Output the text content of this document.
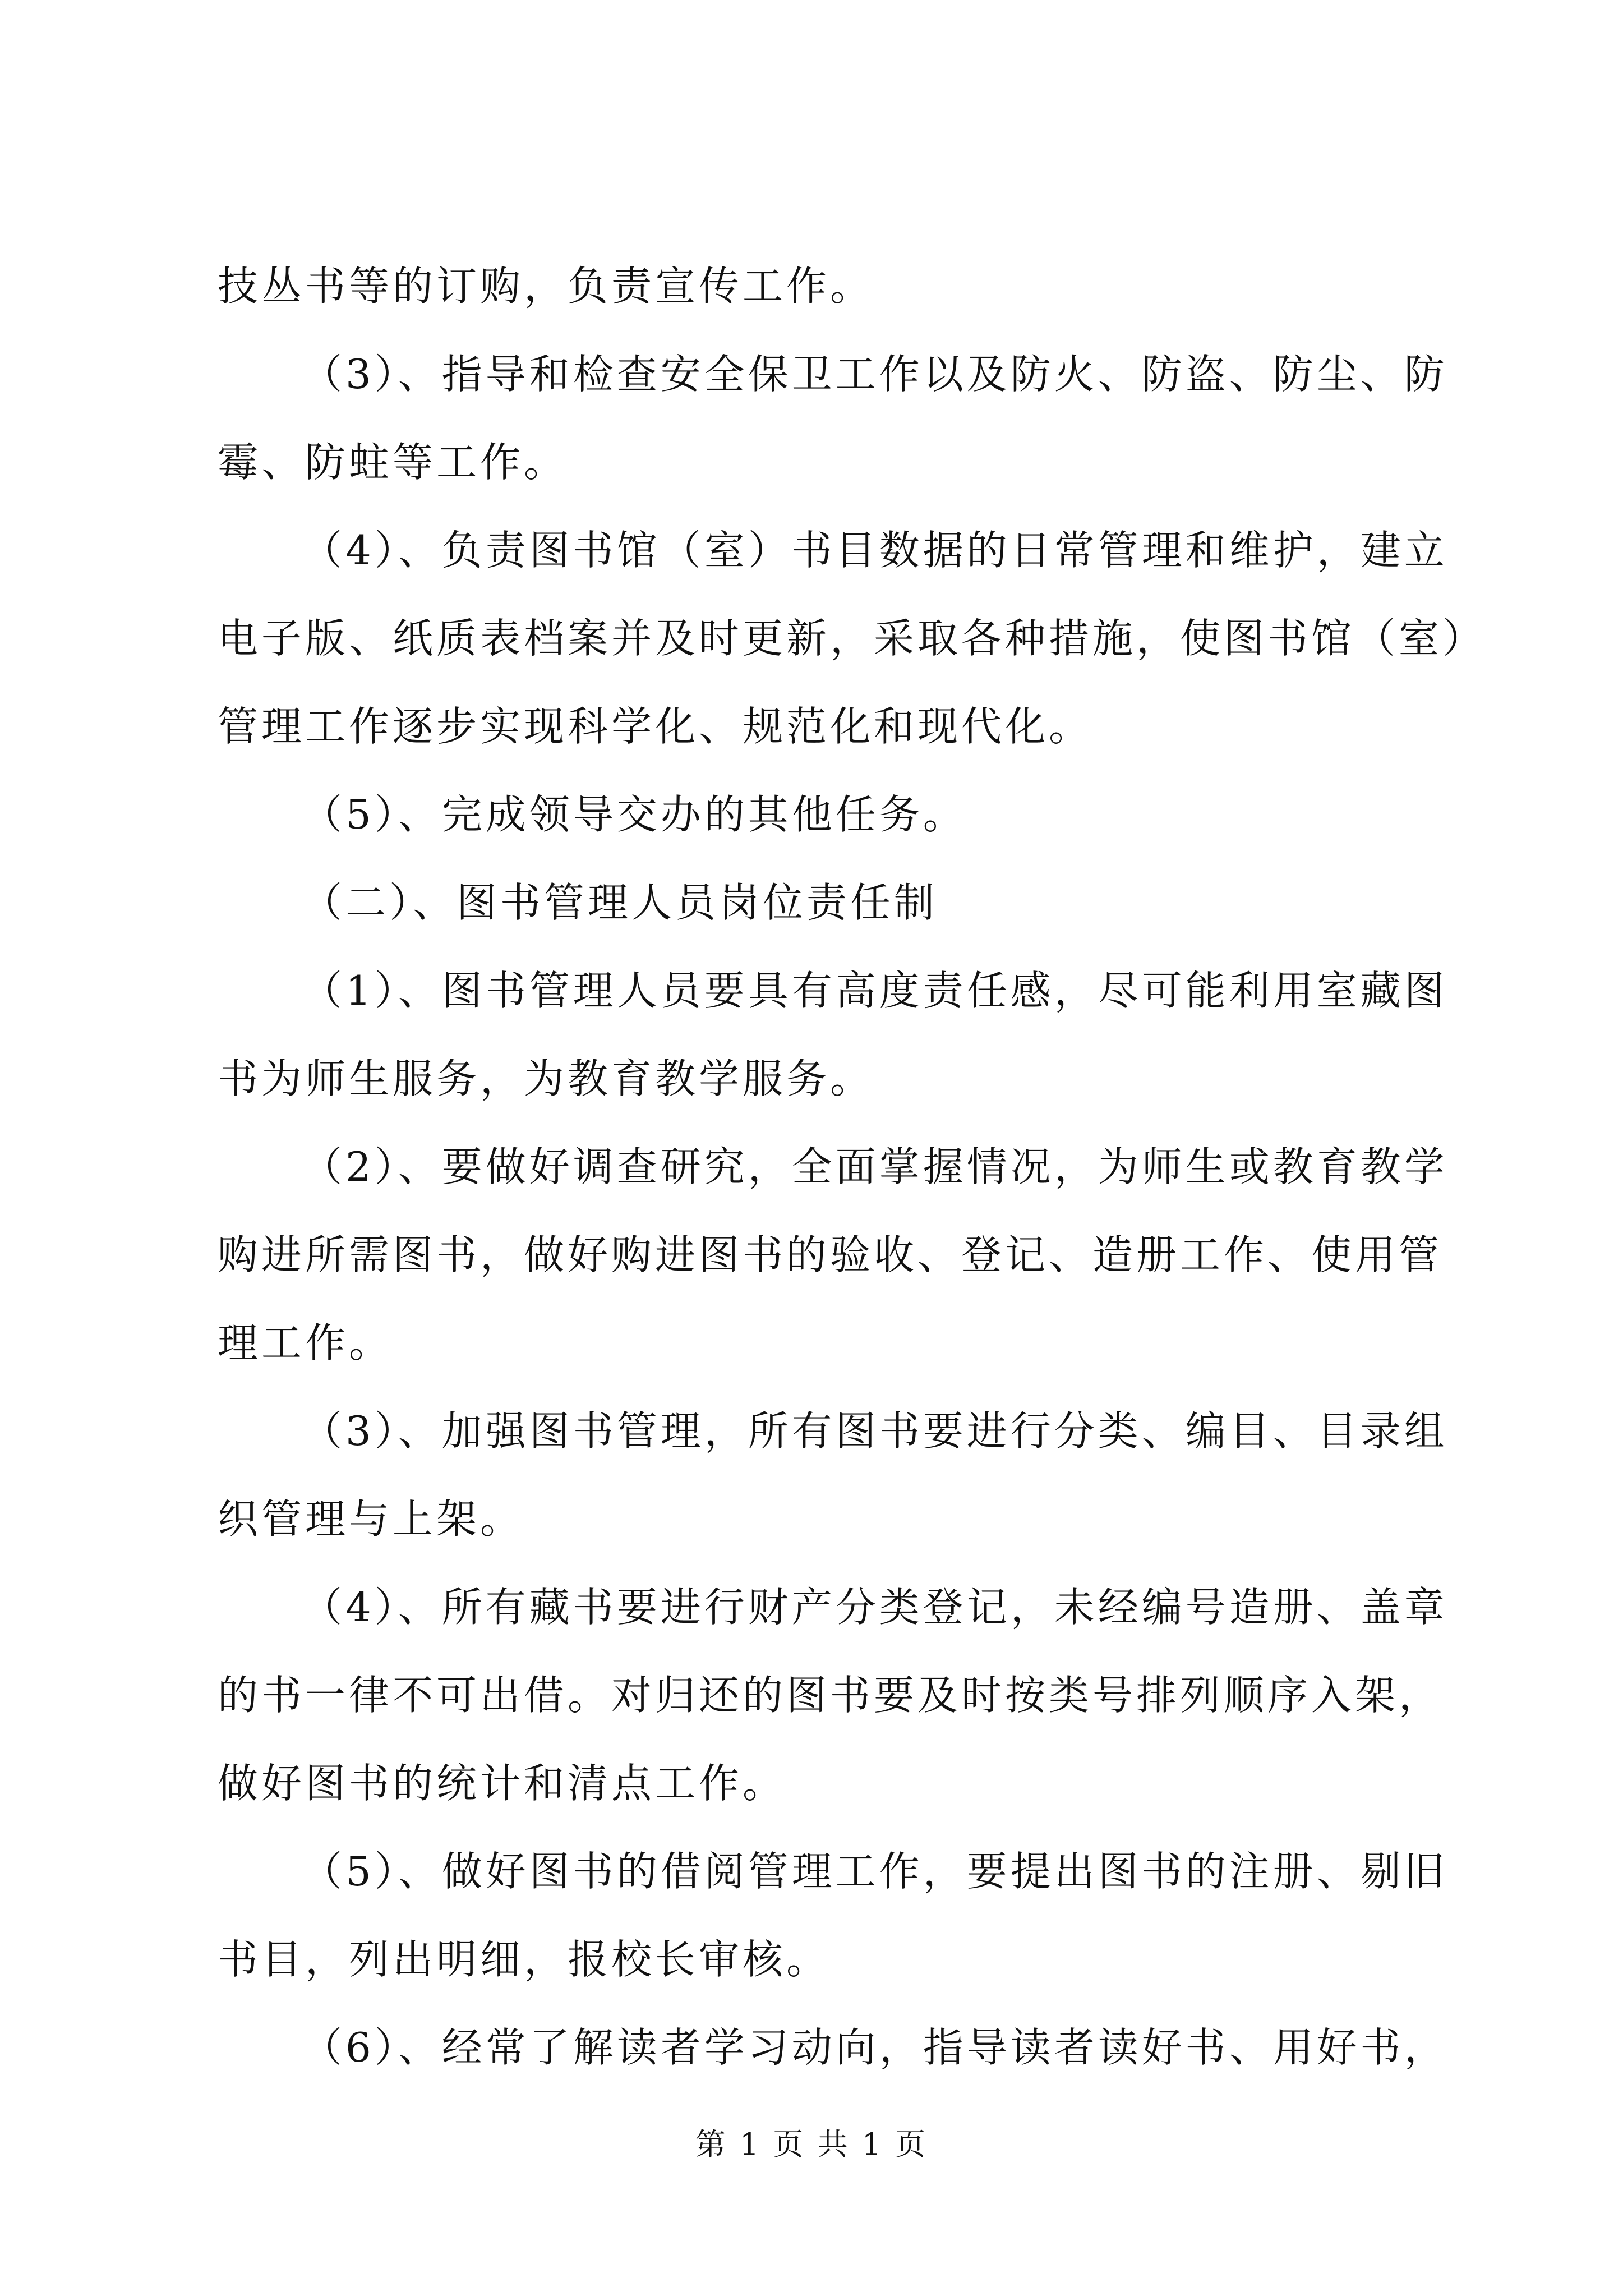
技丛书等的订购，负责宣传工作。
（3）、指导和检查安全保卫工作以及防火、防盗、防尘、防
霉、防蛀等工作。
（4）、负责图书馆（室）书目数据的日常管理和维护，建立
电子版、纸质表档案并及时更新，采取各种措施，使图书馆（室）
管理工作逐步实现科学化、规范化和现代化。
（5）、完成领导交办的其他任务。
（二）、图书管理人员岗位责任制
（1）、图书管理人员要具有高度责任感，尽可能利用室藏图
书为师生服务，为教育教学服务。
（2）、要做好调查研究，全面掌握情况，为师生或教育教学
购进所需图书，做好购进图书的验收、登记、造册工作、使用管
理工作。
（3）、加强图书管理，所有图书要进行分类、编目、目录组
织管理与上架。
（4）、所有藏书要进行财产分类登记，未经编号造册、盖章
的书一律不可出借。对归还的图书要及时按类号排列顺序入架，
做好图书的统计和清点工作。
（5）、做好图书的借阅管理工作，要提出图书的注册、剔旧
书目，列出明细，报校长审核。
（6）、经常了解读者学习动向，指导读者读好书、用好书，
第 1 页 共 1 页
